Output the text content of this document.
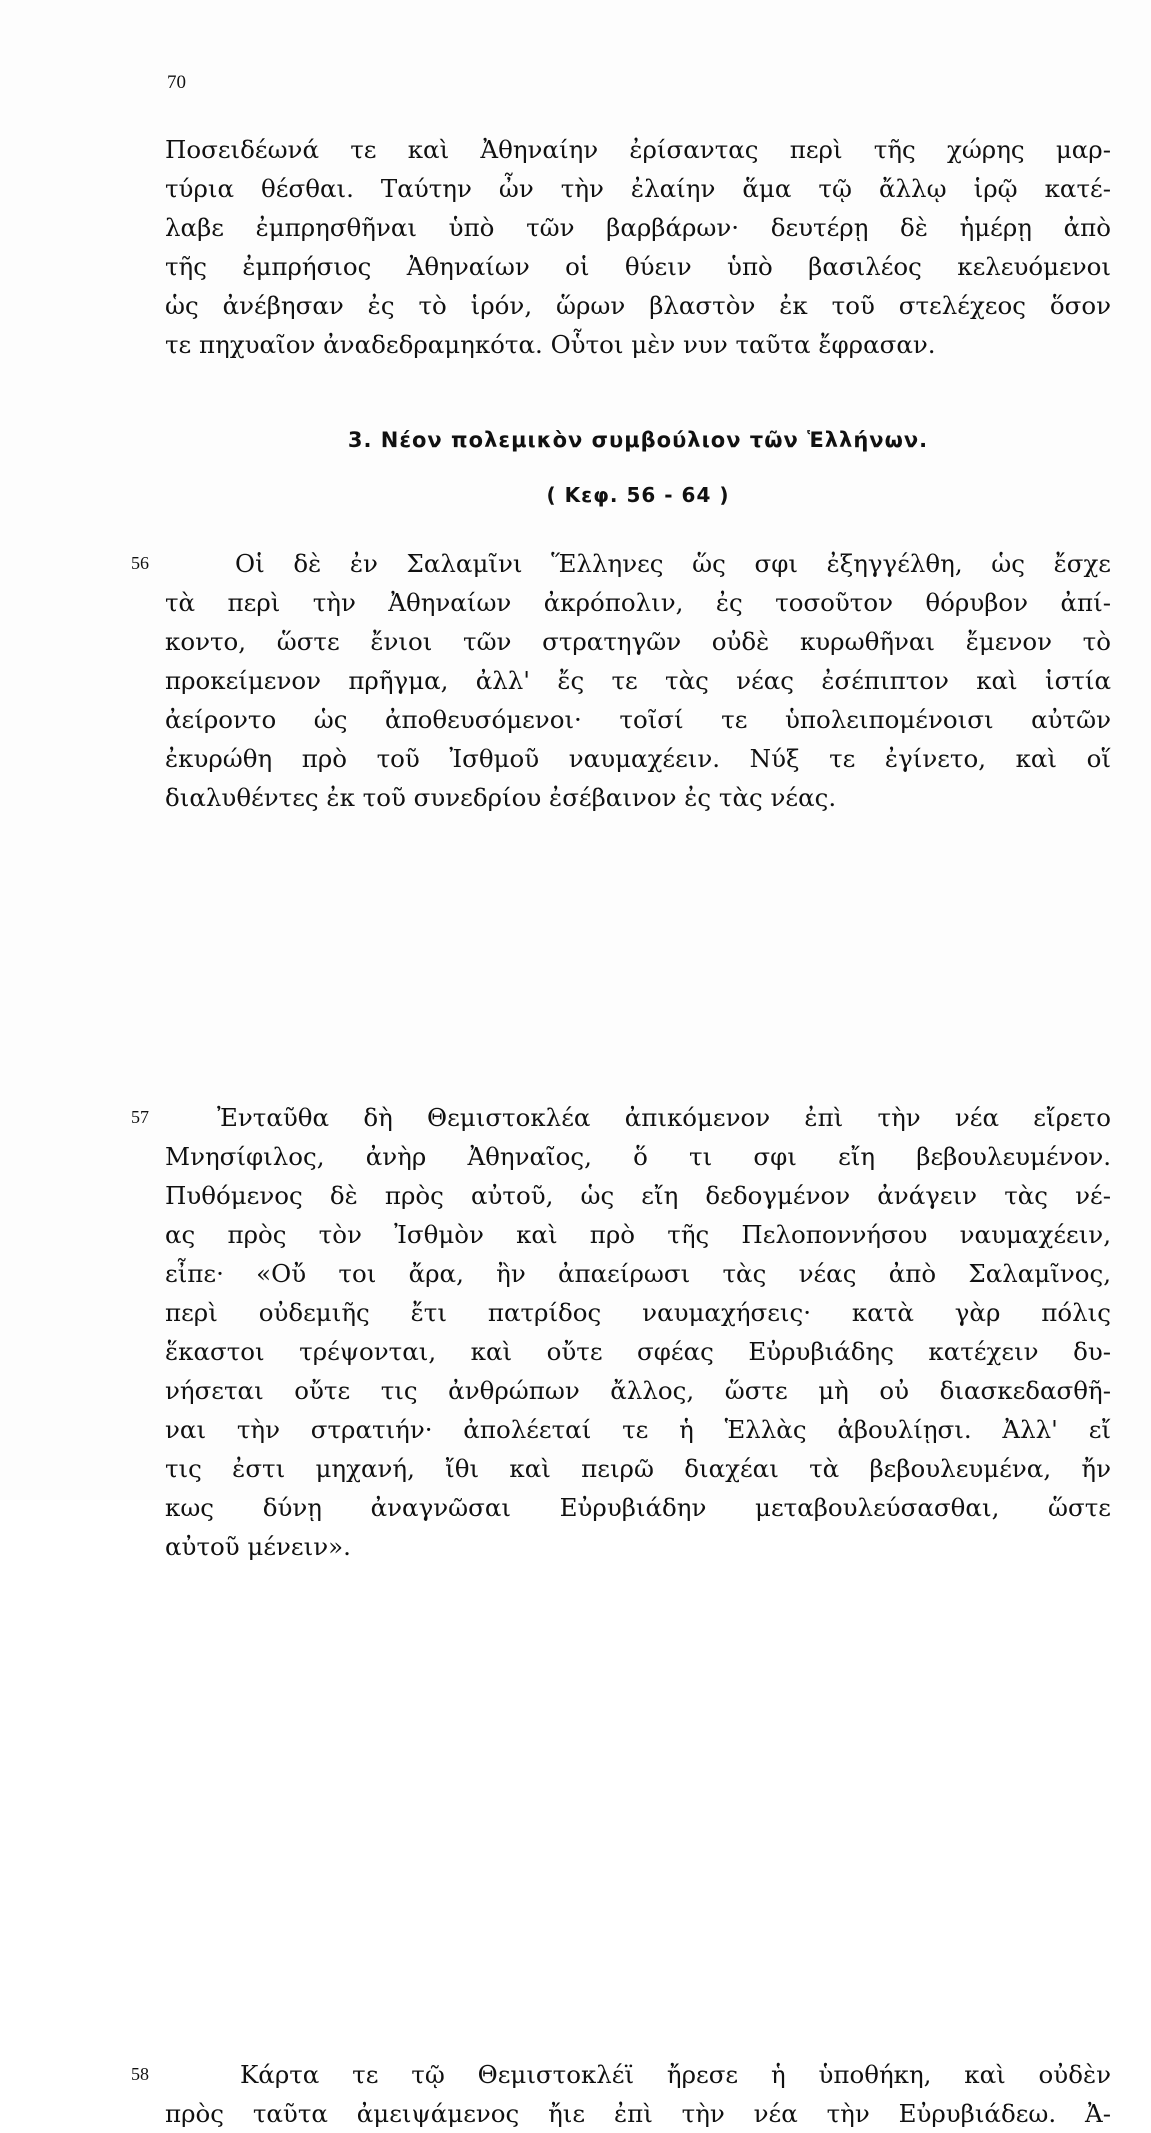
70
Ποσειδέωνά τε καὶ Ἀθηναίην ἐρίσαντας περὶ τῆς χώρης μαρ-
τύρια θέσθαι. Ταύτην ὦν τὴν ἐλαίην ἅμα τῷ ἄλλῳ ἱρῷ κατέ-
λαβε ἐμπρησθῆναι ὑπὸ τῶν βαρβάρων· δευτέρῃ δὲ ἡμέρῃ ἀπὸ
τῆς ἐμπρήσιος Ἀθηναίων οἱ θύειν ὑπὸ βασιλέος κελευόμενοι
ὡς ἀνέβησαν ἐς τὸ ἱρόν, ὥρων βλαστὸν ἐκ τοῦ στελέχεος ὅσον
τε πηχυαῖον ἀναδεδραμηκότα. Οὗτοι μὲν νυν ταῦτα ἔφρασαν.
3. Νέον πολεμικὸν συμβούλιον τῶν Ἑλλήνων.
( Κεφ. 56 - 64 )
56	Οἱ δὲ ἐν Σαλαμῖνι Ἕλληνες ὥς σφι ἐξηγγέλθη, ὡς ἔσχε
τὰ περὶ τὴν Ἀθηναίων ἀκρόπολιν, ἐς τοσοῦτον θόρυβον ἀπί-
κοντο, ὥστε ἔνιοι τῶν στρατηγῶν οὐδὲ κυρωθῆναι ἔμενον τὸ
προκείμενον πρῆγμα, ἀλλ' ἔς τε τὰς νέας ἐσέπιπτον καὶ ἱστία
ἀείροντο ὡς ἀποθευσόμενοι· τοῖσί τε ὑπολειπομένοισι αὐτῶν
ἐκυρώθη πρὸ τοῦ Ἰσθμοῦ ναυμαχέειν. Νύξ τε ἐγίνετο, καὶ οἵ
διαλυθέντες ἐκ τοῦ συνεδρίου ἐσέβαινον ἐς τὰς νέας.
57	Ἐνταῦθα δὴ Θεμιστοκλέα ἀπικόμενον ἐπὶ τὴν νέα εἴρετο
Μνησίφιλος, ἀνὴρ Ἀθηναῖος, ὅ τι σφι εἴη βεβουλευμένον.
Πυθόμενος δὲ πρὸς αὐτοῦ, ὡς εἴη δεδογμένον ἀνάγειν τὰς νέ-
ας πρὸς τὸν Ἰσθμὸν καὶ πρὸ τῆς Πελοποννήσου ναυμαχέειν,
εἶπε· «Οὔ τοι ἄρα, ἢν ἀπαείρωσι τὰς νέας ἀπὸ Σαλαμῖνος,
περὶ οὐδεμιῆς ἔτι πατρίδος ναυμαχήσεις· κατὰ γὰρ πόλις
ἕκαστοι τρέψονται, καὶ οὔτε σφέας Εὐρυβιάδης κατέχειν δυ-
νήσεται οὔτε τις ἀνθρώπων ἄλλος, ὥστε μὴ οὐ διασκεδασθῆ-
ναι τὴν στρατιήν· ἀπολέεταί τε ἡ Ἑλλὰς ἀβουλίῃσι. Ἀλλ' εἴ
τις ἐστι μηχανή, ἴθι καὶ πειρῶ διαχέαι τὰ βεβουλευμένα, ἤν
κως δύνῃ ἀναγνῶσαι Εὐρυβιάδην μεταβουλεύσασθαι, ὥστε
αὐτοῦ μένειν».
58	Κάρτα τε τῷ Θεμιστοκλέϊ ἤρεσε ἡ ὑποθήκη, καὶ οὐδὲν
πρὸς ταῦτα ἀμειψάμενος ἤιε ἐπὶ τὴν νέα τὴν Εὐρυβιάδεω. Ἀ-
